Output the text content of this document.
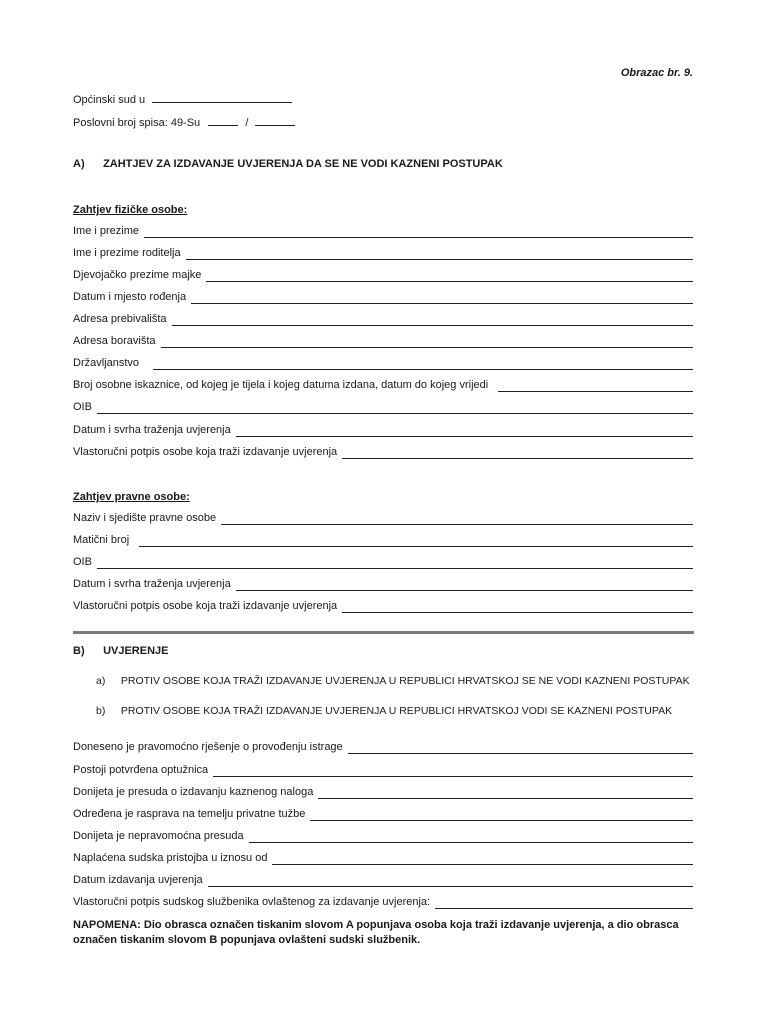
Obrazac br. 9.
Općinski sud u
Poslovni broj spisa: 49-Su	/
A) ZAHTJEV ZA IZDAVANJE UVJERENJA DA SE NE VODI KAZNENI POSTUPAK
Zahtjev fizičke osobe:
Ime i prezime
Ime i prezime roditelja
Djevojačko prezime majke
Datum i mjesto rođenja
Adresa prebivališta
Adresa boravišta
Državljanstvo
Broj osobne iskaznice, od kojeg je tijela i kojeg datuma izdana, datum do kojeg vrijedi
OIB
Datum i svrha traženja uvjerenja
Vlastoručni potpis osobe koja traži izdavanje uvjerenja
Zahtjev pravne osobe:
Naziv i sjedište pravne osobe
Matični broj
OIB
Datum i svrha traženja uvjerenja
Vlastoručni potpis osobe koja traži izdavanje uvjerenja
B) UVJERENJE
a) PROTIV OSOBE KOJA TRAŽI IZDAVANJE UVJERENJA U REPUBLICI HRVATSKOJ SE NE VODI KAZNENI POSTUPAK
b) PROTIV OSOBE KOJA TRAŽI IZDAVANJE UVJERENJA U REPUBLICI HRVATSKOJ VODI SE KAZNENI POSTUPAK
Doneseno je pravomoćno rješenje o provođenju istrage
Postoji potvrđena optužnica
Donijeta je presuda o izdavanju kaznenog naloga
Određena je rasprava na temelju privatne tužbe
Donijeta je nepravomoćna presuda
Naplaćena sudska pristojba u iznosu od
Datum izdavanja uvjerenja
Vlastoručni potpis sudskog službenika ovlaštenog za izdavanje uvjerenja:
NAPOMENA: Dio obrasca označen tiskanim slovom A popunjava osoba koja traži izdavanje uvjerenja, a dio obrasca označen tiskanim slovom B popunjava ovlašteni sudski službenik.
